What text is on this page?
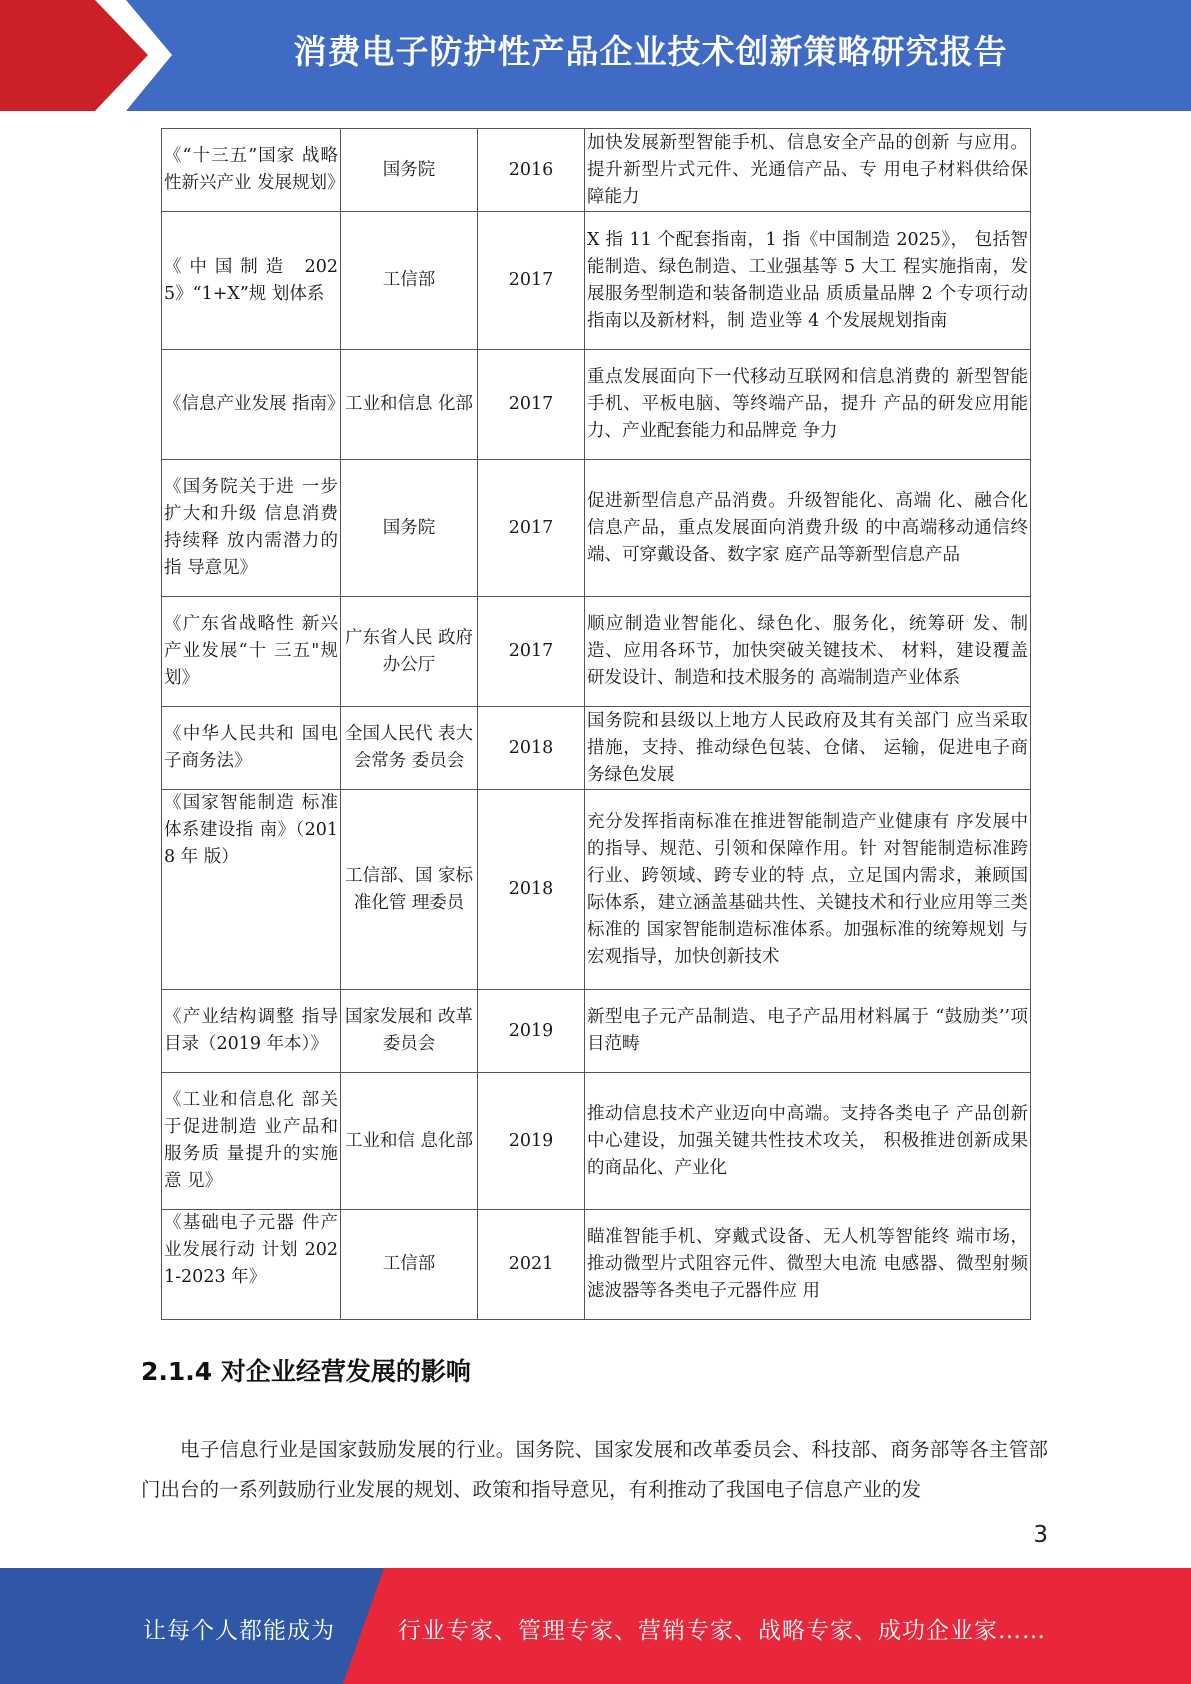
消费电子防护性产品企业技术创新策略研究报告
《“十三五”国家 战略性新兴产业 发展规划》	国务院	2016	加快发展新型智能手机、信息安全产品的创新 与应用。提升新型片式元件、光通信产品、专 用电子材料供给保障能力
《中国制造 2025》“1+X”规 划体系	工信部	2017	X 指 11 个配套指南，1 指《中国制造 2025》， 包括智能制造、绿色制造、工业强基等 5 大工 程实施指南，发展服务型制造和装备制造业品 质质量品牌 2 个专项行动指南以及新材料，制 造业等 4 个发展规划指南
《信息产业发展 指南》	工业和信息 化部	2017	重点发展面向下一代移动互联网和信息消费的 新型智能手机、平板电脑、等终端产品，提升 产品的研发应用能力、产业配套能力和品牌竞 争力
《国务院关于进 一步扩大和升级 信息消费持续释 放内需潜力的指 导意见》	国务院	2017	促进新型信息产品消费。升级智能化、高端 化、融合化信息产品，重点发展面向消费升级 的中高端移动通信终端、可穿戴设备、数字家 庭产品等新型信息产品
《广东省战略性 新兴产业发展“十 三五"规划》	广东省人民 政府办公厅	2017	顺应制造业智能化、绿色化、服务化，统筹研 发、制造、应用各环节，加快突破关键技术、 材料，建设覆盖研发设计、制造和技术服务的 高端制造产业体系
《中华人民共和 国电子商务法》	全国人民代 表大会常务 委员会	2018	国务院和县级以上地方人民政府及其有关部门 应当采取措施，支持、推动绿色包装、仓储、 运输，促进电子商务绿色发展
《国家智能制造 标准体系建设指 南》（2018 年 版）	工信部、国 家标准化管 理委员	2018	充分发挥指南标准在推进智能制造产业健康有 序发展中的指导、规范、引领和保障作用。针 对智能制造标准跨行业、跨领域、跨专业的特 点，立足国内需求，兼顾国际体系，建立涵盖基础共性、关键技术和行业应用等三类标准的 国家智能制造标准体系。加强标准的统筹规划 与宏观指导，加快创新技术
《产业结构调整 指导目录（2019 年本）》	国家发展和 改革委员会	2019	新型电子元产品制造、电子产品用材料属于 “鼓励类’’项目范畴
《工业和信息化 部关于促进制造 业产品和服务质 量提升的实施意 见》	工业和信 息化部	2019	推动信息技术产业迈向中高端。支持各类电子 产品创新中心建设，加强关键共性技术攻关， 积极推进创新成果的商品化、产业化
《基础电子元器 件产业发展行动 计划 2021-2023 年》	工信部	2021	瞄准智能手机、穿戴式设备、无人机等智能终 端市场，推动微型片式阻容元件、微型大电流 电感器、微型射频滤波器等各类电子元器件应 用
2.1.4 对企业经营发展的影响
电子信息行业是国家鼓励发展的行业。国务院、国家发展和改革委员会、科技部、商务部等各主管部门出台的一系列鼓励行业发展的规划、政策和指导意见，有利推动了我国电子信息产业的发
3
让每个人都能成为	行业专家、管理专家、营销专家、战略专家、成功企业家……
